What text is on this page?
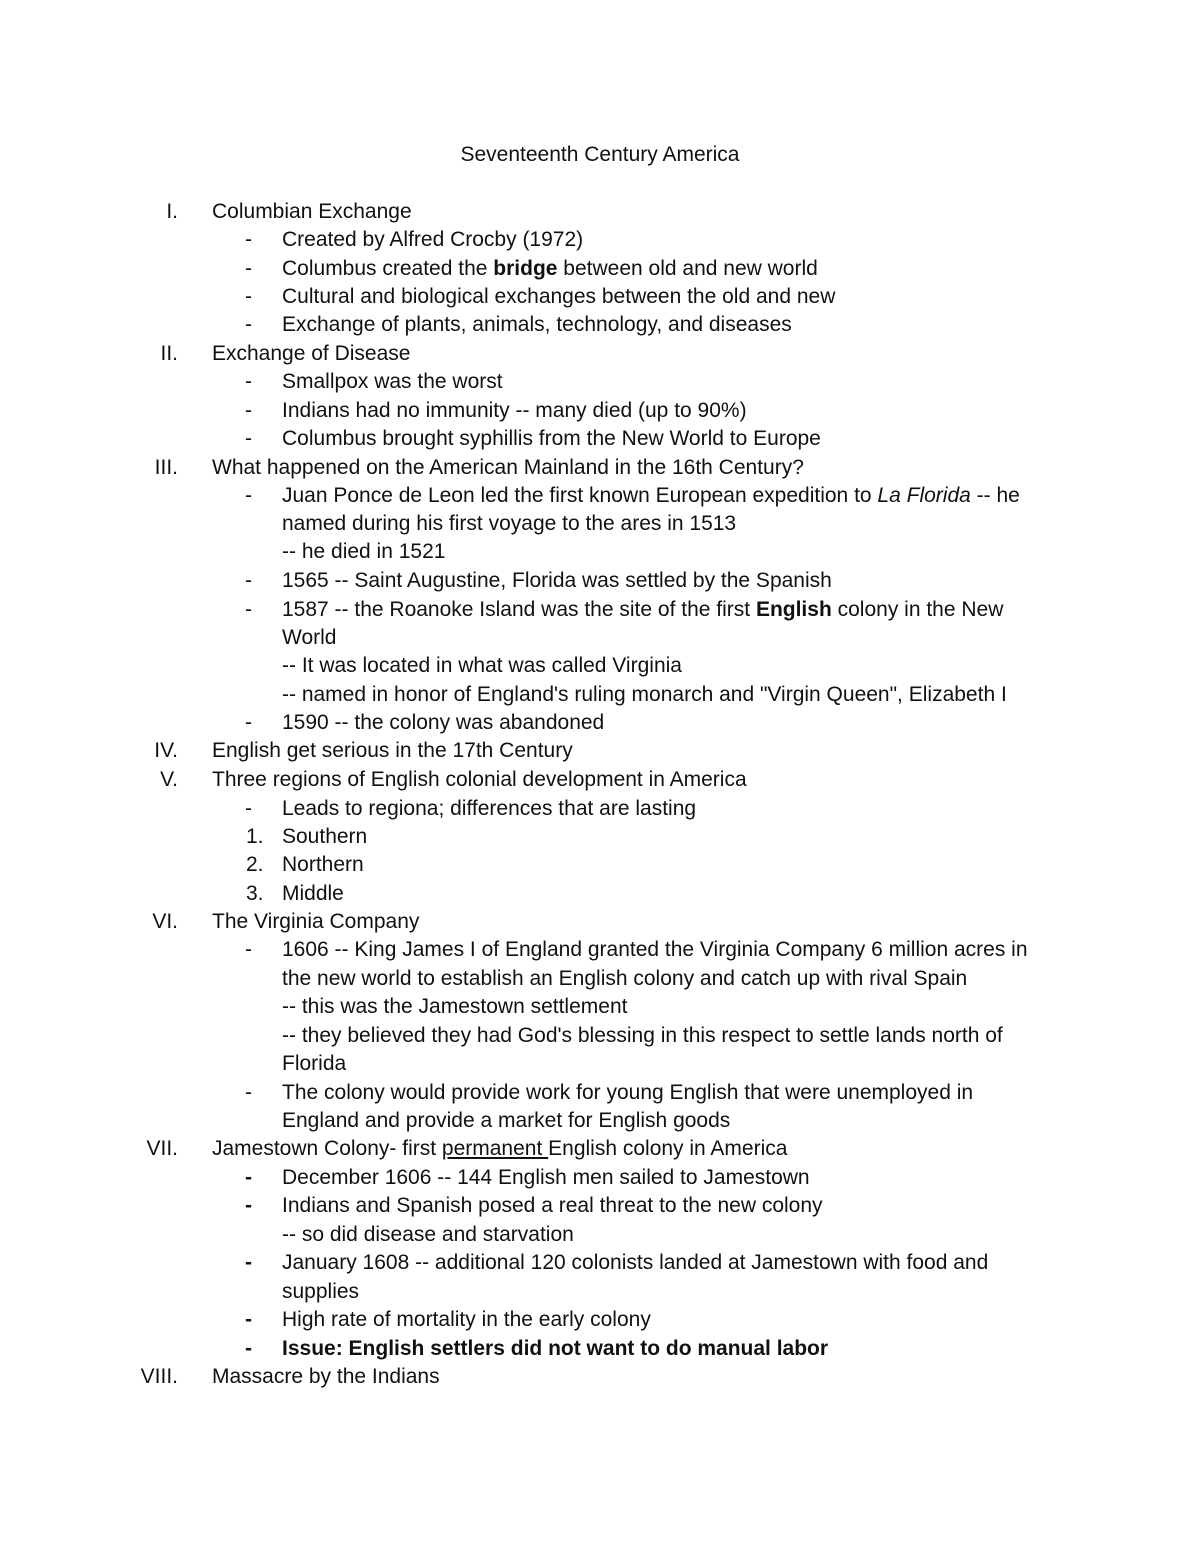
Seventeenth Century America
I. Columbian Exchange
- Created by Alfred Crocby (1972)
- Columbus created the bridge between old and new world
- Cultural and biological exchanges between the old and new
- Exchange of plants, animals, technology, and diseases
II. Exchange of Disease
- Smallpox was the worst
- Indians had no immunity -- many died (up to 90%)
- Columbus brought syphillis from the New World to Europe
III. What happened on the American Mainland in the 16th Century?
- Juan Ponce de Leon led the first known European expedition to La Florida -- he
named during his first voyage to the ares in 1513
-- he died in 1521
- 1565 -- Saint Augustine, Florida was settled by the Spanish
- 1587 -- the Roanoke Island was the site of the first English colony in the New
World
-- It was located in what was called Virginia
-- named in honor of England's ruling monarch and "Virgin Queen", Elizabeth I
- 1590 -- the colony was abandoned
IV. English get serious in the 17th Century
V. Three regions of English colonial development in America
- Leads to regiona; differences that are lasting
1. Southern
2. Northern
3. Middle
VI. The Virginia Company
- 1606 -- King James I of England granted the Virginia Company 6 million acres in
the new world to establish an English colony and catch up with rival Spain
-- this was the Jamestown settlement
-- they believed they had God's blessing in this respect to settle lands north of
Florida
- The colony would provide work for young English that were unemployed in
England and provide a market for English goods
VII. Jamestown Colony- first permanent English colony in America
- December 1606 -- 144 English men sailed to Jamestown
- Indians and Spanish posed a real threat to the new colony
-- so did disease and starvation
- January 1608 -- additional 120 colonists landed at Jamestown with food and
supplies
- High rate of mortality in the early colony
- Issue: English settlers did not want to do manual labor
VIII. Massacre by the Indians
